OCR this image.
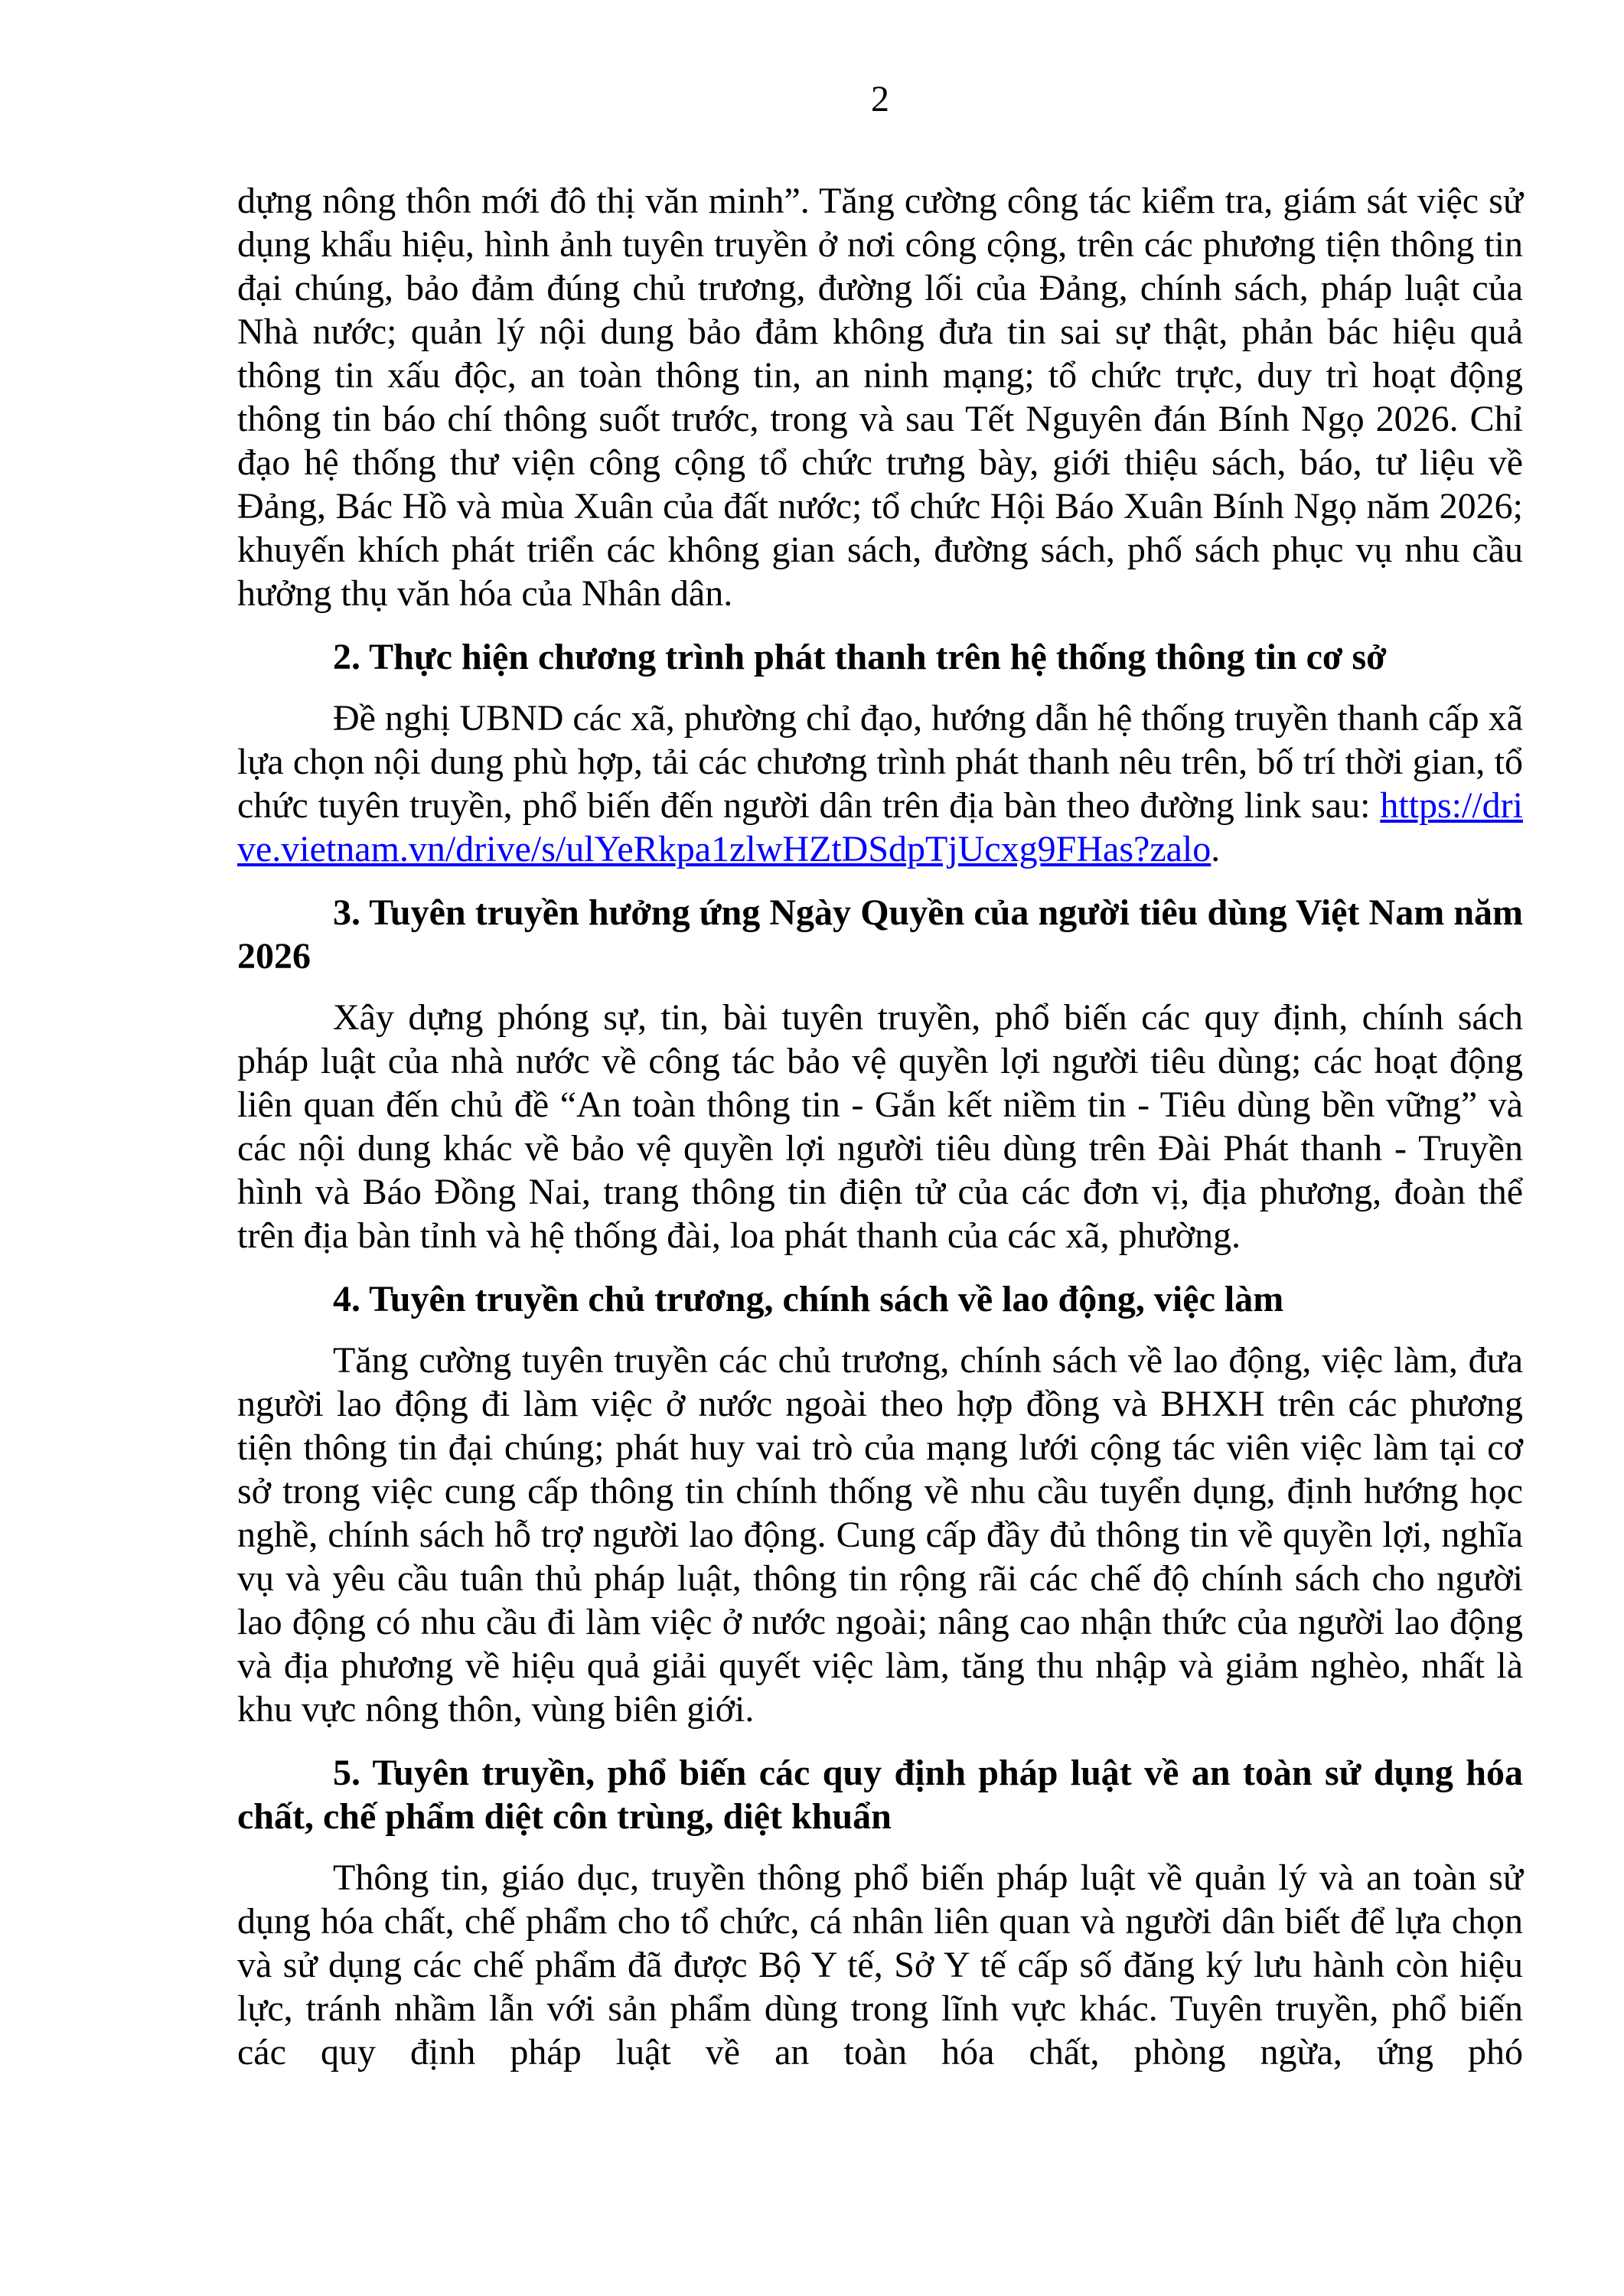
2

dựng nông thôn mới đô thị văn minh”. Tăng cường công tác kiểm tra, giám sát việc sử dụng khẩu hiệu, hình ảnh tuyên truyền ở nơi công cộng, trên các phương tiện thông tin đại chúng, bảo đảm đúng chủ trương, đường lối của Đảng, chính sách, pháp luật của Nhà nước; quản lý nội dung bảo đảm không đưa tin sai sự thật, phản bác hiệu quả thông tin xấu độc, an toàn thông tin, an ninh mạng; tổ chức trực, duy trì hoạt động thông tin báo chí thông suốt trước, trong và sau Tết Nguyên đán Bính Ngọ 2026. Chỉ đạo hệ thống thư viện công cộng tổ chức trưng bày, giới thiệu sách, báo, tư liệu về Đảng, Bác Hồ và mùa Xuân của đất nước; tổ chức Hội Báo Xuân Bính Ngọ năm 2026; khuyến khích phát triển các không gian sách, đường sách, phố sách phục vụ nhu cầu hưởng thụ văn hóa của Nhân dân.

2. Thực hiện chương trình phát thanh trên hệ thống thông tin cơ sở

Đề nghị UBND các xã, phường chỉ đạo, hướng dẫn hệ thống truyền thanh cấp xã lựa chọn nội dung phù hợp, tải các chương trình phát thanh nêu trên, bố trí thời gian, tổ chức tuyên truyền, phổ biến đến người dân trên địa bàn theo đường link sau: https://drive.vietnam.vn/drive/s/ulYeRkpa1zlwHZtDSdpTjUcxg9FHas?zalo.

3. Tuyên truyền hưởng ứng Ngày Quyền của người tiêu dùng Việt Nam năm 2026

Xây dựng phóng sự, tin, bài tuyên truyền, phổ biến các quy định, chính sách pháp luật của nhà nước về công tác bảo vệ quyền lợi người tiêu dùng; các hoạt động liên quan đến chủ đề “An toàn thông tin - Gắn kết niềm tin - Tiêu dùng bền vững” và các nội dung khác về bảo vệ quyền lợi người tiêu dùng trên Đài Phát thanh - Truyền hình và Báo Đồng Nai, trang thông tin điện tử của các đơn vị, địa phương, đoàn thể trên địa bàn tỉnh và hệ thống đài, loa phát thanh của các xã, phường.

4. Tuyên truyền chủ trương, chính sách về lao động, việc làm

Tăng cường tuyên truyền các chủ trương, chính sách về lao động, việc làm, đưa người lao động đi làm việc ở nước ngoài theo hợp đồng và BHXH trên các phương tiện thông tin đại chúng; phát huy vai trò của mạng lưới cộng tác viên việc làm tại cơ sở trong việc cung cấp thông tin chính thống về nhu cầu tuyển dụng, định hướng học nghề, chính sách hỗ trợ người lao động. Cung cấp đầy đủ thông tin về quyền lợi, nghĩa vụ và yêu cầu tuân thủ pháp luật, thông tin rộng rãi các chế độ chính sách cho người lao động có nhu cầu đi làm việc ở nước ngoài; nâng cao nhận thức của người lao động và địa phương về hiệu quả giải quyết việc làm, tăng thu nhập và giảm nghèo, nhất là khu vực nông thôn, vùng biên giới.

5. Tuyên truyền, phổ biến các quy định pháp luật về an toàn sử dụng hóa chất, chế phẩm diệt côn trùng, diệt khuẩn

Thông tin, giáo dục, truyền thông phổ biến pháp luật về quản lý và an toàn sử dụng hóa chất, chế phẩm cho tổ chức, cá nhân liên quan và người dân biết để lựa chọn và sử dụng các chế phẩm đã được Bộ Y tế, Sở Y tế cấp số đăng ký lưu hành còn hiệu lực, tránh nhầm lẫn với sản phẩm dùng trong lĩnh vực khác. Tuyên truyền, phổ biến các quy định pháp luật về an toàn hóa chất, phòng ngừa, ứng phó
